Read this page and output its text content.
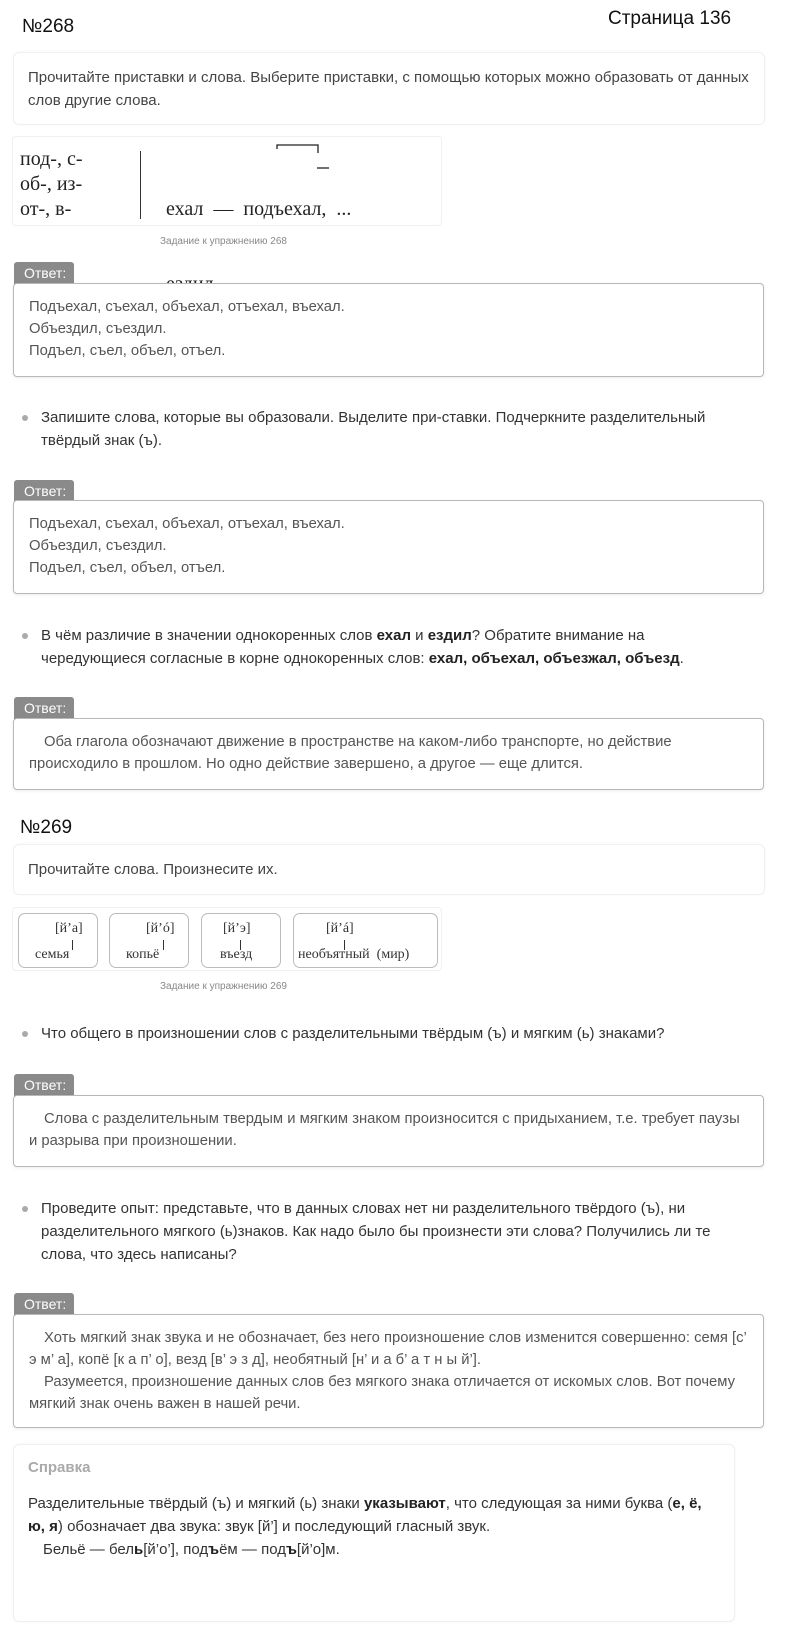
№268	Страница 136
Прочитайте приставки и слова. Выберите приставки, с помощью которых можно образовать от данных слов другие слова.
под-, с-
об-, из-
от-, в-

	ехал  —  подъехал,  ...

Задание к упражнению 268
Ответ:
Подъехал, съехал, объехал, отъехал, въехал.
Объездил, съездил.
Подъел, съел, объел, отъел.
Запишите слова, которые вы образовали. Выделите при-ставки. Подчеркните разделительный твёрдый знак (ъ).
Ответ:
Подъехал, съехал, объехал, отъехал, въехал.
Объездил, съездил.
Подъел, съел, объел, отъел.
В чём различие в значении однокоренных слов ехал и ездил? Обратите внимание на чередующиеся согласные в корне однокоренных слов: ехал, объехал, объезжал, объезд.
Ответ:
Оба глагола обозначают движение в пространстве на каком-либо транспорте, но действие происходило в прошлом. Но одно действие завершено, а другое — еще длится.
№269
Прочитайте слова. Произнесите их.
[й’а]
семья
[й’ó]
копьё
[й’э]
въезд
[й’á]
необъятный  (мир)
Задание к упражнению 269
Что общего в произношении слов с разделительными твёрдым (ъ) и мягким (ь) знаками?
Ответ:
Слова с разделительным твердым и мягким знаком произносится с придыханием, т.е. требует паузы и разрыва при произношении.
Проведите опыт: представьте, что в данных словах нет ни разделительного твёрдого (ъ), ни разделительного мягкого (ь)знаков. Как надо было бы произнести эти слова? Получились ли те слова, что здесь написаны?
Ответ:
Хоть мягкий знак звука и не обозначает, без него произношение слов изменится совершенно: семя [с’ э м’ а], копё [к а п’ о], везд [в’ э з д], необятный [н’ и а б’ а т н ы й’].
Разумеется, произношение данных слов без мягкого знака отличается от искомых слов. Вот почему мягкий знак очень важен в нашей речи.
Справка
Разделительные твёрдый (ъ) и мягкий (ь) знаки указывают, что следующая за ними буква (е, ё, ю, я) обозначает два звука: звук [й’] и последующий гласный звук.
Бельё — бель[й’о’], подъём — подъ[й’о]м.
